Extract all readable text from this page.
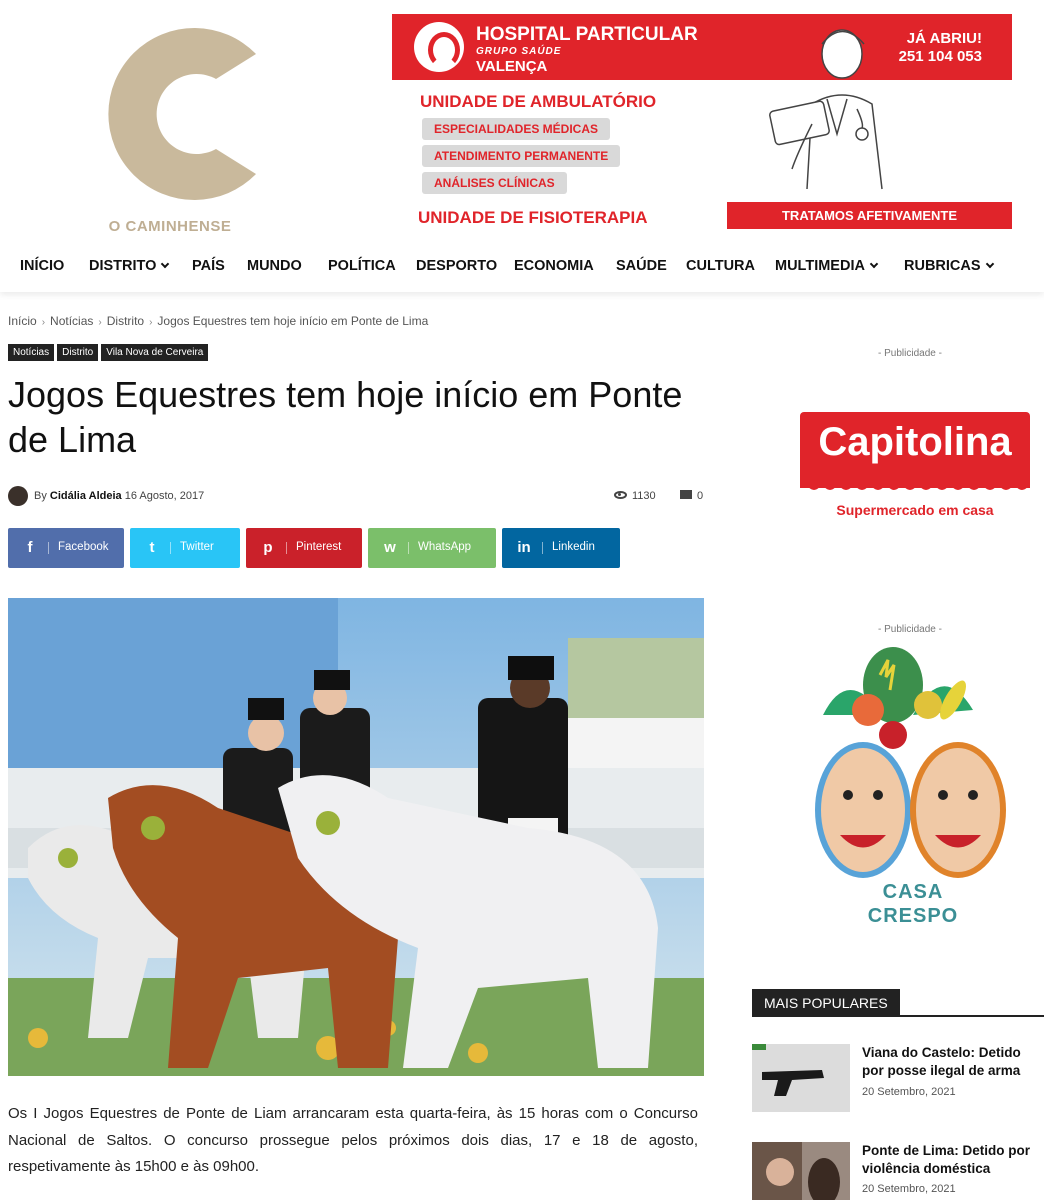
O CAMINHENSE
HOSPITAL PARTICULAR
GRUPO SAÚDE
VALENÇA
JÁ ABRIU!
251 104 053
UNIDADE DE AMBULATÓRIO
ESPECIALIDADES MÉDICAS
ATENDIMENTO PERMANENTE
ANÁLISES CLÍNICAS
UNIDADE DE FISIOTERAPIA	TRATAMOS AFETIVAMENTE
INÍCIO DISTRITO	PAÍS MUNDO POLÍTICA DESPORTO ECONOMIA SAÚDE CULTURA MULTIMEDIA	RUBRICAS
Início › Notícias › Distrito › Jogos Equestres tem hoje início em Ponte de Lima
Notícias Distrito Vila Nova de Cerveira
Jogos Equestres tem hoje início em Ponte de Lima
By Cidália Aldeia 16 Agosto, 2017	1130	0
f	Facebook	t	Twitter	p Pinterest	w WhatsApp	in Linkedin
Os I Jogos Equestres de Ponte de Liam arrancaram esta quarta-feira, às 15 horas com o Concurso Nacional de Saltos. O concurso prossegue pelos próximos dois dias, 17 e 18 de agosto, respetivamente às 15h00 e às 09h00.
- Publicidade -
Capitolina
Supermercado em casa
- Publicidade -
CASA
CRESPO
MAIS POPULARES
Viana do Castelo: Detido por posse ilegal de arma
20 Setembro, 2021
Ponte de Lima: Detido por violência doméstica
20 Setembro, 2021
